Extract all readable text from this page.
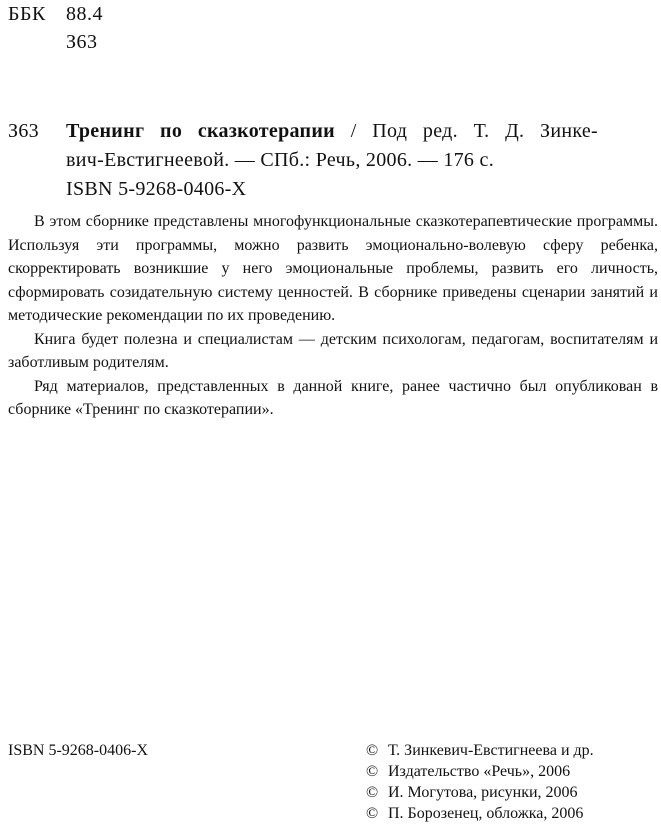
ББК	88.4
З63
З63	Тренинг по сказкотерапии / Под ред. Т. Д. Зинке-
вич-Евстигнеевой. — СПб.: Речь, 2006. — 176 с.
ISBN 5-9268-0406-X

В этом сборнике представлены многофункциональные сказкотерапевтические программы. Используя эти программы, можно развить эмоционально-волевую сферу ребенка, скорректировать возникшие у него эмоциональные проблемы, развить его личность, сформировать созидательную систему ценностей. В сборнике приведены сценарии занятий и методические рекомендации по их проведению.

Книга будет полезна и специалистам — детским психологам, педагогам, воспитателям и заботливым родителям.

Ряд материалов, представленных в данной книге, ранее частично был опубликован в сборнике «Тренинг по сказкотерапии».

ISBN 5-9268-0406-X	© Т. Зинкевич-Евстигнеева и др.
© Издательство «Речь», 2006
© И. Могутова, рисунки, 2006
© П. Борозенец, обложка, 2006
